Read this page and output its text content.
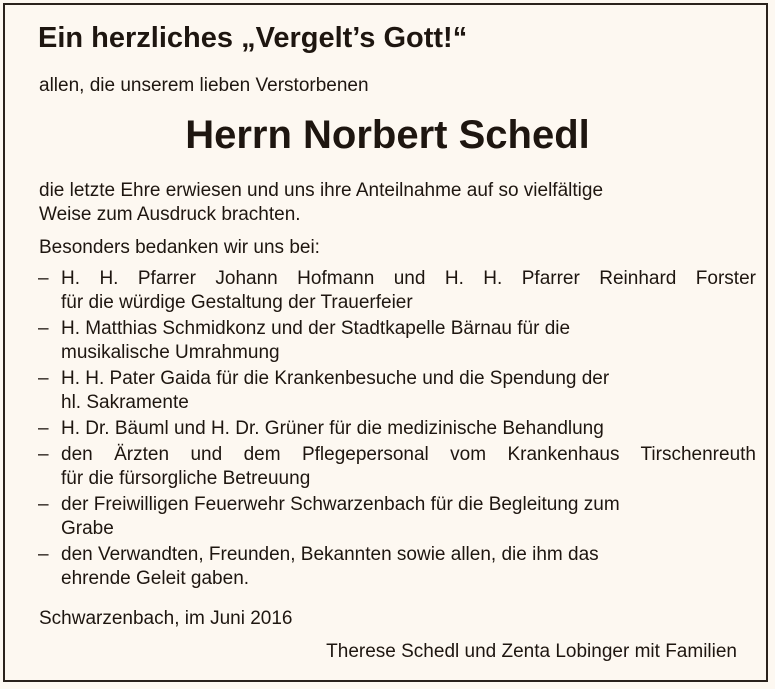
Ein herzliches „Vergelt’s Gott!“
allen, die unserem lieben Verstorbenen
Herrn Norbert Schedl
die letzte Ehre erwiesen und uns ihre Anteilnahme auf so vielfältige
Weise zum Ausdruck brachten.
Besonders bedanken wir uns bei:
– H. H. Pfarrer Johann Hofmann und H. H. Pfarrer Reinhard Forster
für die würdige Gestaltung der Trauerfeier
– H. Matthias Schmidkonz und der Stadtkapelle Bärnau für die
musikalische Umrahmung
– H. H. Pater Gaida für die Krankenbesuche und die Spendung der
hl. Sakramente
– H. Dr. Bäuml und H. Dr. Grüner für die medizinische Behandlung
– den Ärzten und dem Pflegepersonal vom Krankenhaus Tirschenreuth
für die fürsorgliche Betreuung
– der Freiwilligen Feuerwehr Schwarzenbach für die Begleitung zum
Grabe
– den Verwandten, Freunden, Bekannten sowie allen, die ihm das
ehrende Geleit gaben.
Schwarzenbach, im Juni 2016
Therese Schedl und Zenta Lobinger mit Familien
